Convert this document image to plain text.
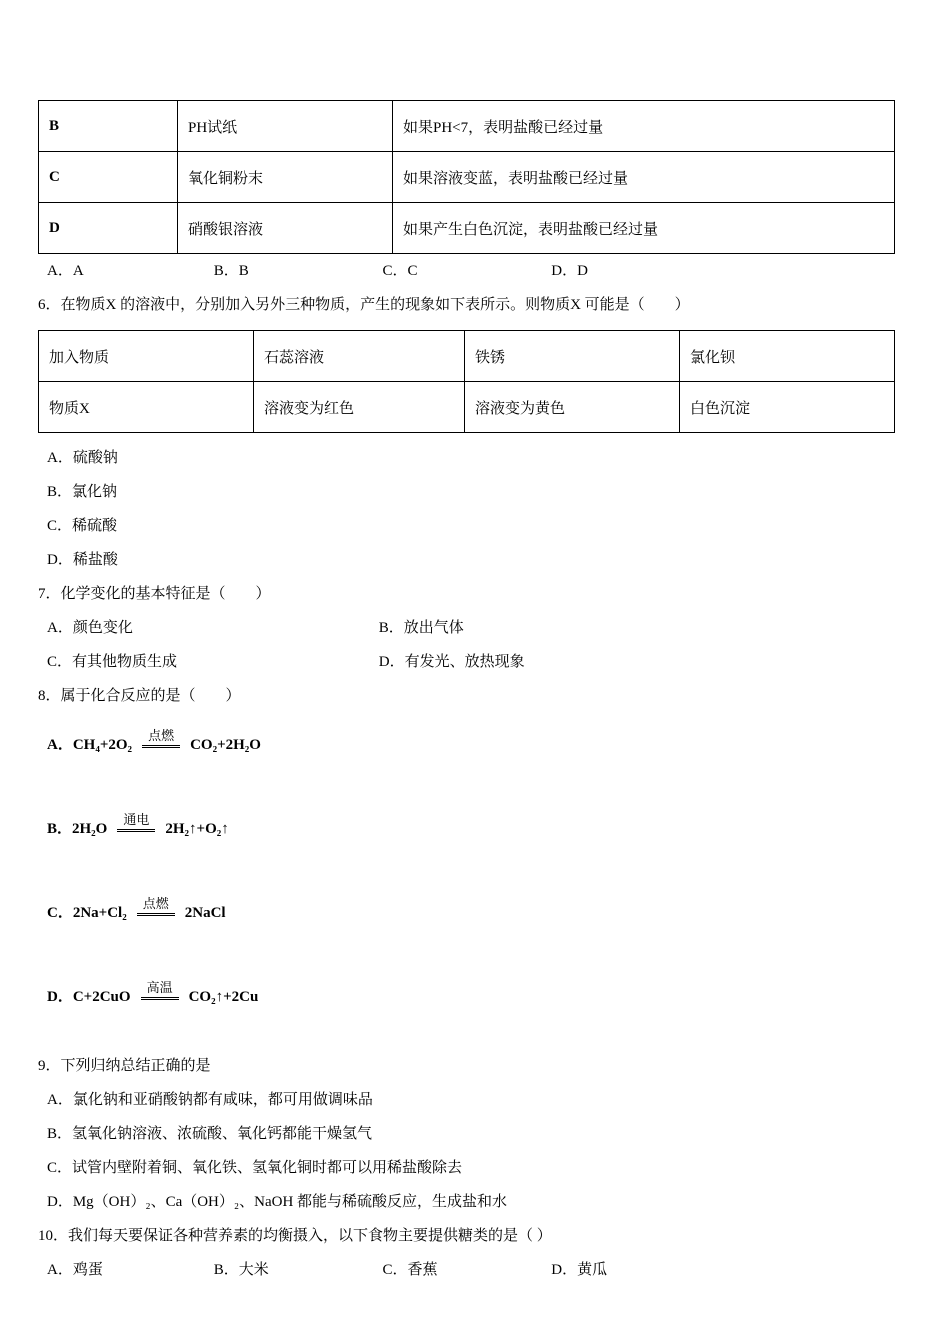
B	PH试纸	如果PH<7，表明盐酸已经过量
C	氧化铜粉末	如果溶液变蓝，表明盐酸已经过量
D	硝酸银溶液	如果产生白色沉淀，表明盐酸已经过量
A．A	B．B	C．C	D．D
6．在物质X 的溶液中，分别加入另外三种物质，产生的现象如下表所示。则物质X 可能是（　　）
加入物质	石蕊溶液	铁锈	氯化钡
物质X	溶液变为红色	溶液变为黄色	白色沉淀
A．硫酸钠
B．氯化钠
C．稀硫酸
D．稀盐酸
7．化学变化的基本特征是（　　）
A．颜色变化	B．放出气体
C．有其他物质生成	D．有发光、放热现象
8．属于化合反应的是（　　）
A．CH₄+2O₂点燃CO₂+2H₂O
B．2H₂O通电2H₂↑+O₂↑
C．2Na+Cl₂点燃2NaCl
D．C+2CuO高温CO₂↑+2Cu
9．下列归纳总结正确的是
A．氯化钠和亚硝酸钠都有咸味，都可用做调味品
B．氢氧化钠溶液、浓硫酸、氧化钙都能干燥氢气
C．试管内壁附着铜、氧化铁、氢氧化铜时都可以用稀盐酸除去
D．Mg（OH）₂、Ca（OH）₂、NaOH 都能与稀硫酸反应，生成盐和水
10．我们每天要保证各种营养素的均衡摄入，以下食物主要提供糖类的是（ ）
A．鸡蛋	B．大米	C．香蕉	D．黄瓜
